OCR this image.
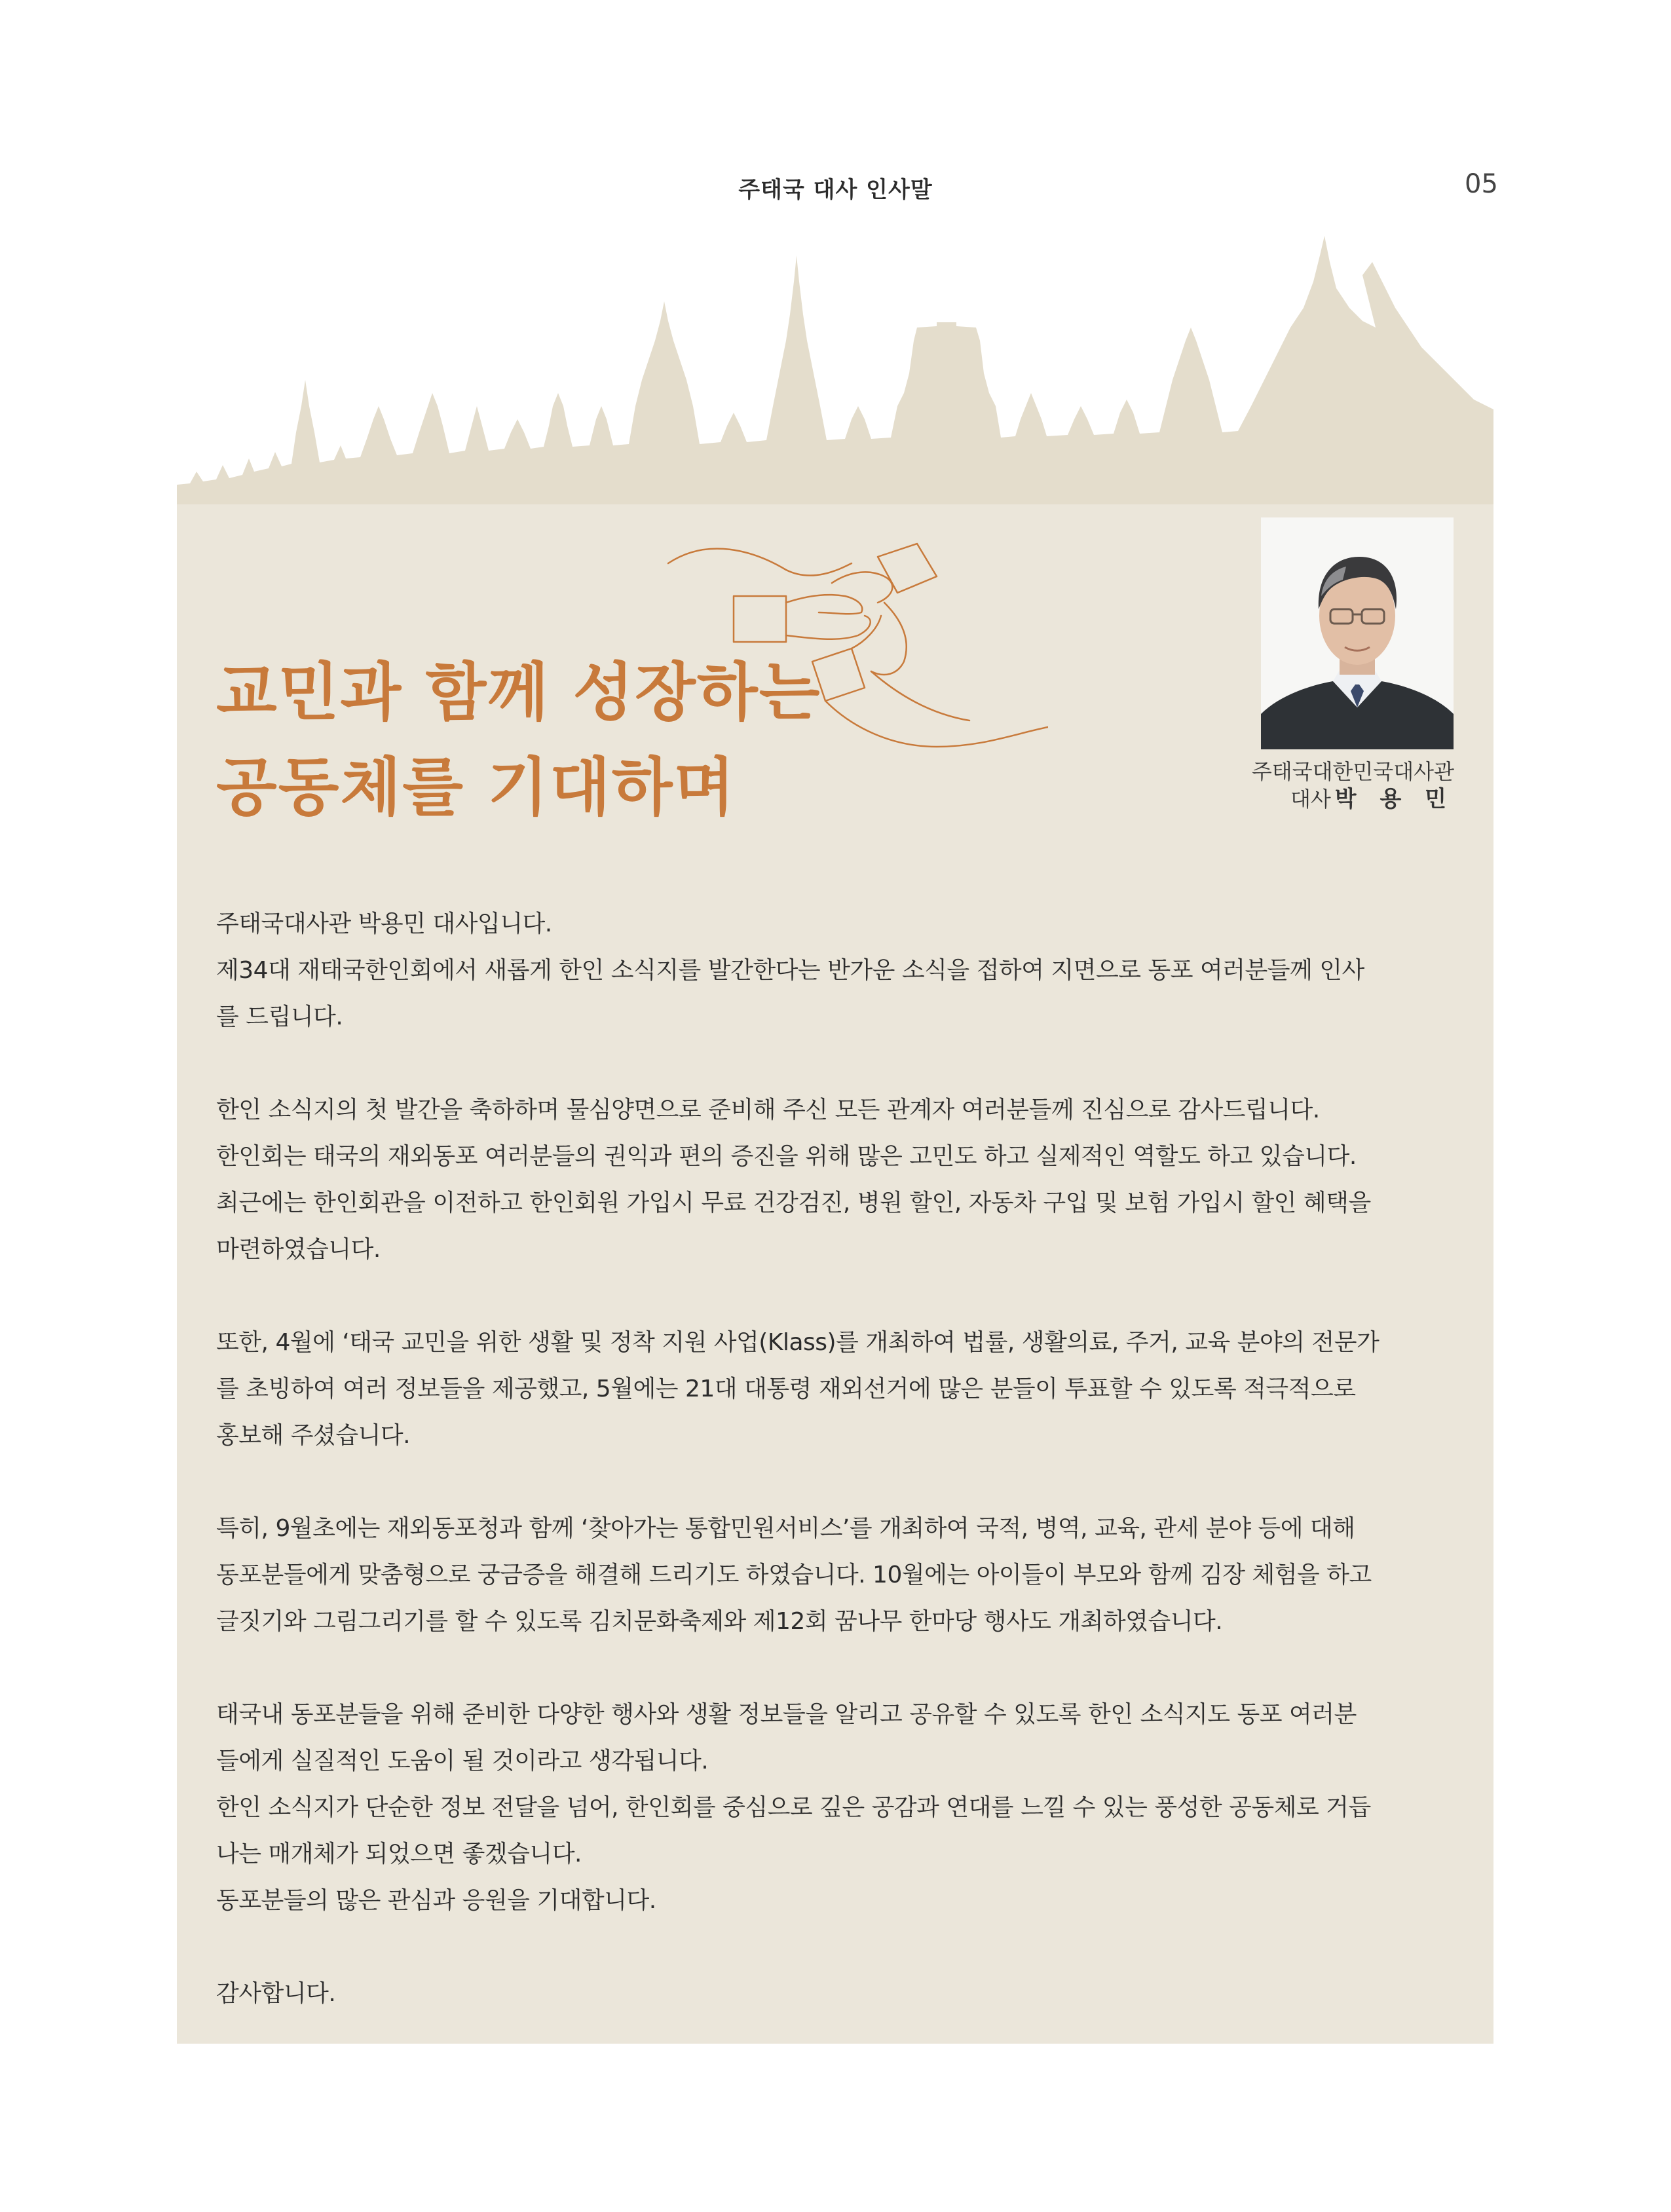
주태국 대사 인사말	05
교민과 함께 성장하는
공동체를 기대하며	주태국대한민국대사관
대사 박 용 민

주태국대사관 박용민 대사입니다.

제34대 재태국한인회에서 새롭게 한인 소식지를 발간한다는 반가운 소식을 접하여 지면으로 동포 여러분들께 인사

를 드립니다.

한인 소식지의 첫 발간을 축하하며 물심양면으로 준비해 주신 모든 관계자 여러분들께 진심으로 감사드립니다.

한인회는 태국의 재외동포 여러분들의 권익과 편의 증진을 위해 많은 고민도 하고 실제적인 역할도 하고 있습니다.

최근에는 한인회관을 이전하고 한인회원 가입시 무료 건강검진, 병원 할인, 자동차 구입 및 보험 가입시 할인 혜택을

마련하였습니다.

또한, 4월에 ‘태국 교민을 위한 생활 및 정착 지원 사업(Klass)를 개최하여 법률, 생활의료, 주거, 교육 분야의 전문가

를 초빙하여 여러 정보들을 제공했고, 5월에는 21대 대통령 재외선거에 많은 분들이 투표할 수 있도록 적극적으로

홍보해 주셨습니다.

특히, 9월초에는 재외동포청과 함께 ‘찾아가는 통합민원서비스’를 개최하여 국적, 병역, 교육, 관세 분야 등에 대해

동포분들에게 맞춤형으로 궁금증을 해결해 드리기도 하였습니다. 10월에는 아이들이 부모와 함께 김장 체험을 하고

글짓기와 그림그리기를 할 수 있도록 김치문화축제와 제12회 꿈나무 한마당 행사도 개최하였습니다.

태국내 동포분들을 위해 준비한 다양한 행사와 생활 정보들을 알리고 공유할 수 있도록 한인 소식지도 동포 여러분

들에게 실질적인 도움이 될 것이라고 생각됩니다.

한인 소식지가 단순한 정보 전달을 넘어, 한인회를 중심으로 깊은 공감과 연대를 느낄 수 있는 풍성한 공동체로 거듭

나는 매개체가 되었으면 좋겠습니다.

동포분들의 많은 관심과 응원을 기대합니다.

감사합니다.
